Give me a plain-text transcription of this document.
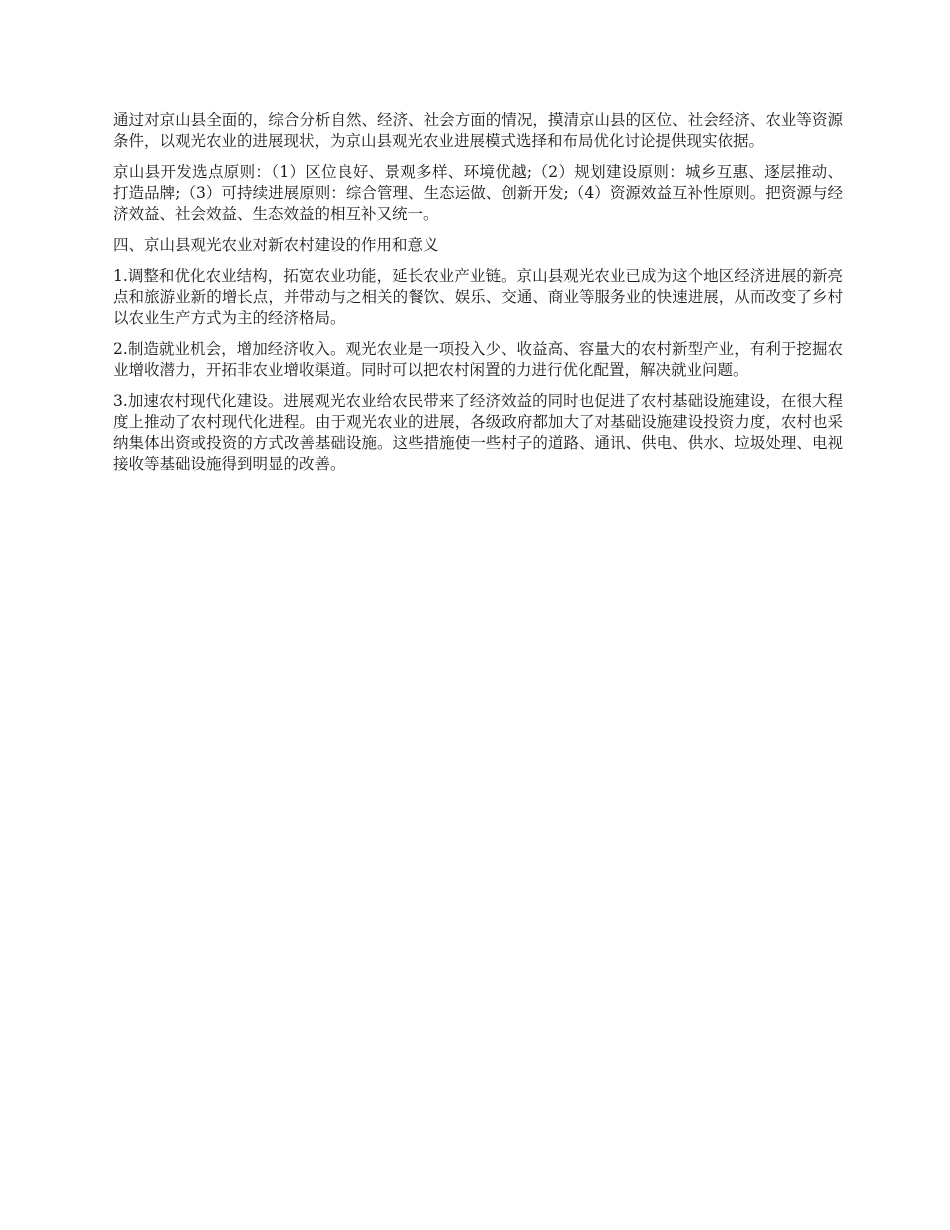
通过对京山县全面的，综合分析自然、经济、社会方面的情况，摸清京山县的区位、社会经济、农业等资源条件，以观光农业的进展现状，为京山县观光农业进展模式选择和布局优化讨论提供现实依据。

京山县开发选点原则：（1）区位良好、景观多样、环境优越;（2）规划建设原则：城乡互惠、逐层推动、打造品牌;（3）可持续进展原则：综合管理、生态运做、创新开发;（4）资源效益互补性原则。把资源与经济效益、社会效益、生态效益的相互补又统一。

四、京山县观光农业对新农村建设的作用和意义

1.调整和优化农业结构，拓宽农业功能，延长农业产业链。京山县观光农业已成为这个地区经济进展的新亮点和旅游业新的增长点，并带动与之相关的餐饮、娱乐、交通、商业等服务业的快速进展，从而改变了乡村以农业生产方式为主的经济格局。

2.制造就业机会，增加经济收入。观光农业是一项投入少、收益高、容量大的农村新型产业，有利于挖掘农业增收潜力，开拓非农业增收渠道。同时可以把农村闲置的力进行优化配置，解决就业问题。

3.加速农村现代化建设。进展观光农业给农民带来了经济效益的同时也促进了农村基础设施建设，在很大程度上推动了农村现代化进程。由于观光农业的进展，各级政府都加大了对基础设施建设投资力度，农村也采纳集体出资或投资的方式改善基础设施。这些措施使一些村子的道路、通讯、供电、供水、垃圾处理、电视接收等基础设施得到明显的改善。
